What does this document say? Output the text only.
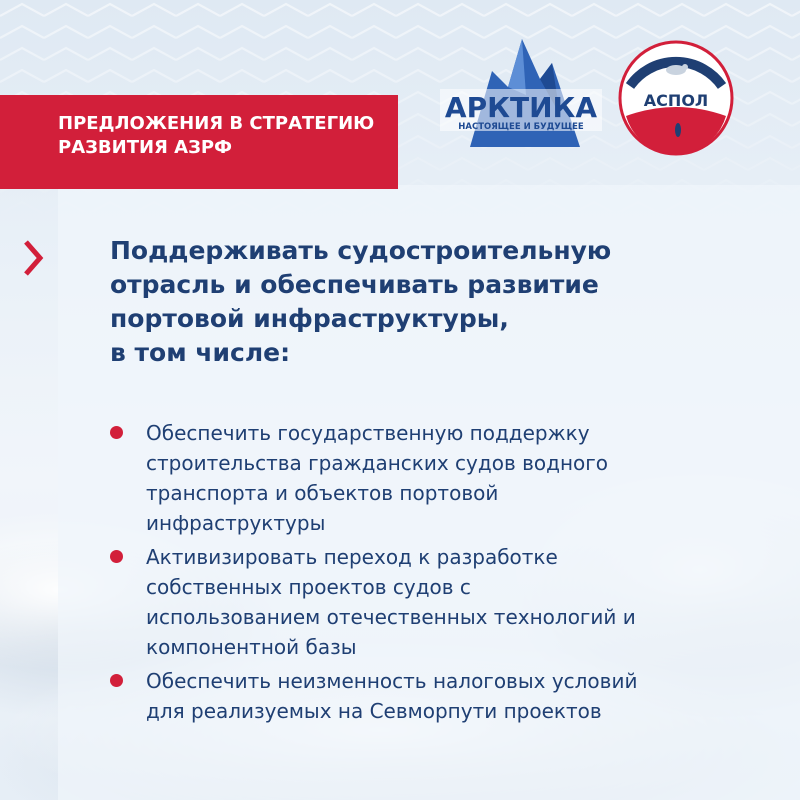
ПРЕДЛОЖЕНИЯ В СТРАТЕГИЮ
РАЗВИТИЯ АЗРФ
АРКТИКА
НАСТОЯЩЕЕ И БУДУЩЕЕ
АСПОЛ
Поддерживать судостроительную
отрасль и обеспечивать развитие
портовой инфраструктуры,
в том числе:
Обеспечить государственную поддержку
строительства гражданских судов водного
транспорта и объектов портовой
инфраструктуры
Активизировать переход к разработке
собственных проектов судов с
использованием отечественных технологий и
компонентной базы
Обеспечить неизменность налоговых условий
для реализуемых на Севморпути проектов
